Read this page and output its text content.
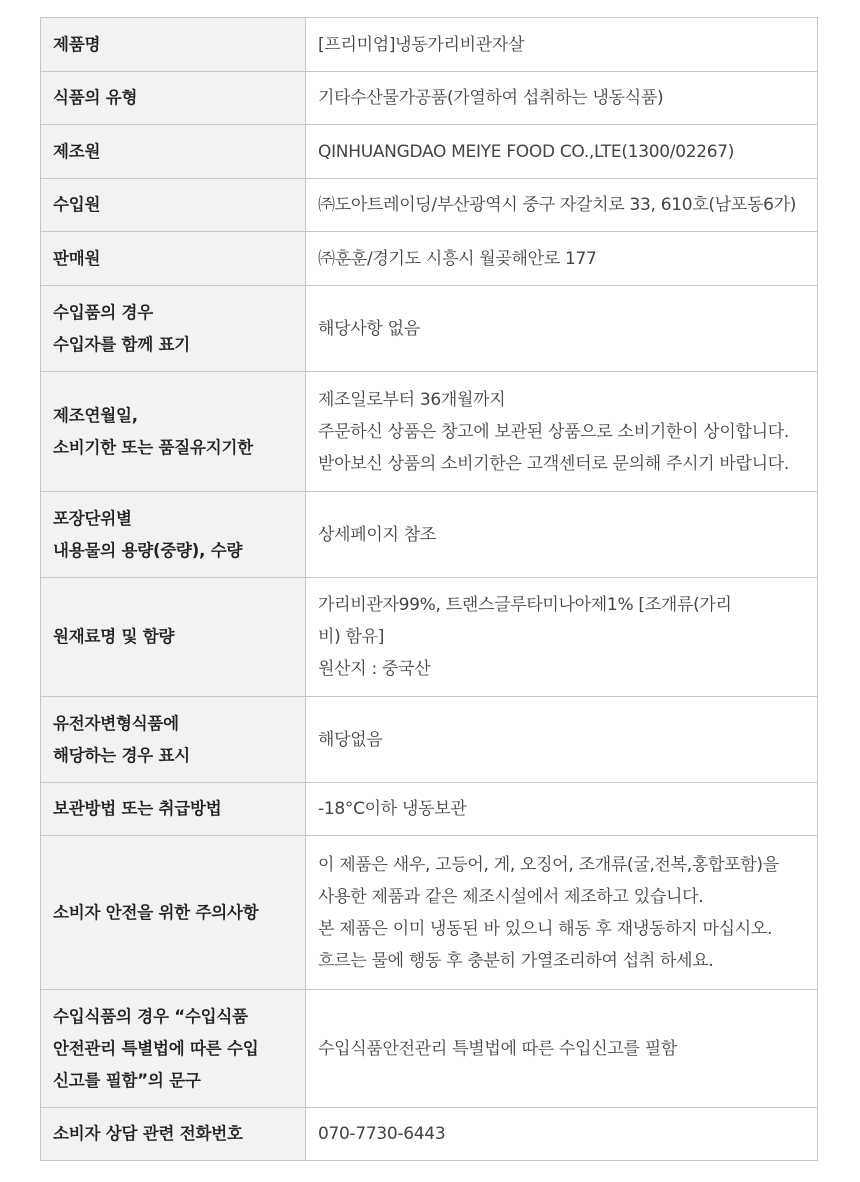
제품명	[프리미엄]냉동가리비관자살

식품의 유형	기타수산물가공품(가열하여 섭취하는 냉동식품)

제조원	QINHUANGDAO MEIYE FOOD CO.,LTE(1300/02267)

수입원	㈜도아트레이딩/부산광역시 중구 자갈치로 33, 610호(남포동6가)

판매원	㈜훈훈/경기도 시흥시 월곶해안로 177

수입품의 경우
수입자를 함께 표기	해당사항 없음

제조연월일,
소비기한 또는 품질유지기한	제조일로부터 36개월까지
주문하신 상품은 창고에 보관된 상품으로 소비기한이 상이합니다.
받아보신 상품의 소비기한은 고객센터로 문의해 주시기 바랍니다.

포장단위별
내용물의 용량(중량), 수량	상세페이지 참조

원재료명 및 함량	가리비관자99%, 트랜스글루타미나아제1% [조개류(가리
비) 함유]
원산지 : 중국산

유전자변형식품에
해당하는 경우 표시	해당없음

보관방법 또는 취급방법	-18°C이하 냉동보관

소비자 안전을 위한 주의사항	이 제품은 새우, 고등어, 게, 오징어, 조개류(굴,전복,홍합포함)을
사용한 제품과 같은 제조시설에서 제조하고 있습니다.
본 제품은 이미 냉동된 바 있으니 해동 후 재냉동하지 마십시오.
흐르는 물에 행동 후 충분히 가열조리하여 섭취 하세요.

수입식품의 경우 “수입식품
안전관리 특별법에 따른 수입
신고를 필함”의 문구	수입식품안전관리 특별법에 따른 수입신고를 필함

소비자 상담 관련 전화번호	070-7730-6443
